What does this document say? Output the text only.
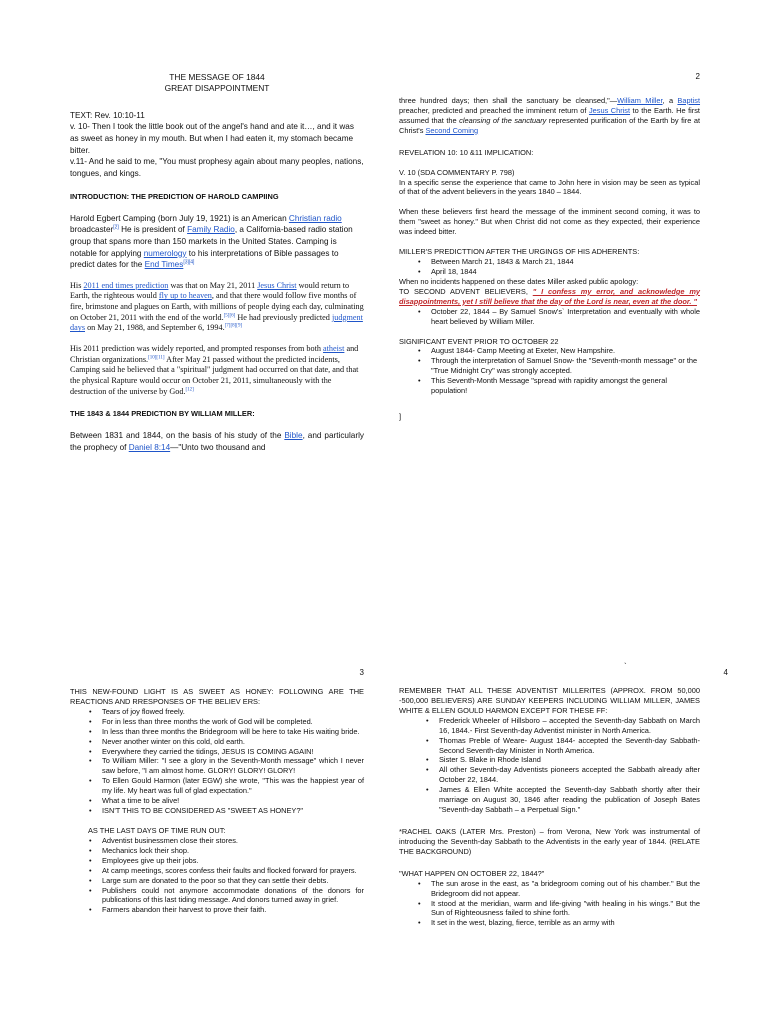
THE MESSAGE OF 1844
GREAT DISAPPOINTMENT

TEXT: Rev. 10:10-11

v. 10- Then I took the little book out of the angel's hand and ate it…, and it was as sweet as honey in my mouth. But when I had eaten it, my stomach became bitter.

v.11- And he said to me, "You must prophesy again about many peoples, nations, tongues, and kings.

INTRODUCTION: THE PREDICTION OF HAROLD CAMPIING

Harold Egbert Camping (born July 19, 1921) is an American Christian radio broadcaster[2] He is president of Family Radio, a California-based radio station group that spans more than 150 markets in the United States. Camping is notable for applying numerology to his interpretations of Bible passages to predict dates for the End Times[3][4]

His 2011 end times prediction was that on May 21, 2011 Jesus Christ would return to Earth, the righteous would fly up to heaven, and that there would follow five months of fire, brimstone and plagues on Earth, with millions of people dying each day, culminating on October 21, 2011 with the end of the world.[5][6] He had previously predicted judgment days on May 21, 1988, and September 6, 1994.[7][8][9]

His 2011 prediction was widely reported, and prompted responses from both atheist and Christian organizations.[10][11] After May 21 passed without the predicted incidents, Camping said he believed that a "spiritual" judgment had occurred on that date, and that the physical Rapture would occur on October 21, 2011, simultaneously with the destruction of the universe by God.[12]

THE 1843 & 1844 PREDICTION BY WILLIAM MILLER:

Between 1831 and 1844, on the basis of his study of the Bible, and particularly the prophecy of Daniel 8:14—"Unto two thousand and

2

three hundred days; then shall the sanctuary be cleansed,"—William Miller, a Baptist preacher, predicted and preached the imminent return of Jesus Christ to the Earth. He first assumed that the cleansing of the sanctuary represented purification of the Earth by fire at Christ's Second Coming

REVELATION 10: 10 &11 IMPLICATION:

V. 10 (SDA COMMENTARY P. 798)

In a specific sense the experience that came to John here in vision may be seen as typical of that of the advent believers in the years 1840 – 1844.

When these believers first heard the message of the imminent second coming, it was to them "sweet as honey." But when Christ did not come as they expected, their experience was indeed bitter.

MILLER'S PREDICTTION AFTER THE URGINGS OF HIS ADHERENTS:

• Between March 21, 1843 & March 21, 1844
• April 18, 1844

When no incidents happened on these dates Miller asked public apology:

TO SECOND ADVENT BELIEVERS, " I confess my error, and acknowledge my disappointments, yet I still believe that the day of the Lord is near, even at the door. "

• October 22, 1844 – By Samuel Snow's` Interpretation and eventually with whole heart believed by William Miller.

SIGNIFICANT EVENT PRIOR TO OCTOBER 22

• August 1844- Camp Meeting at Exeter, New Hampshire.
• Through the interpretation of Samuel Snow- the "Seventh-month message" or the "True Midnight Cry" was strongly accepted.
• This Seventh-Month Message "spread with rapidity amongst the general population!

]

3

THIS NEW-FOUND LIGHT IS AS SWEET AS HONEY: FOLLOWING ARE THE REACTIONS AND RRESPONSES OF THE BELIEV ERS:

• Tears of joy flowed freely.
• For in less than three months the work of God will be completed.
• In less than three months the Bridegroom will be here to take His waiting bride.
• Never another winter on this cold, old earth.
• Everywhere they carried the tidings, JESUS IS COMING AGAIN!
• To William Miller: "I see a glory in the Seventh-Month message" which I never saw before, "I am almost home. GLORY! GLORY! GLORY!
• To Ellen Gould Harmon (later EGW) she wrote, "This was the happiest year of my life. My heart was full of glad expectation."
• What a time to be alive!
• ISN'T THIS TO BE CONSIDERED AS "SWEET AS HONEY?"

AS THE LAST DAYS OF TIME RUN OUT:

• Adventist businessmen close their stores.
• Mechanics lock their shop.
• Employees give up their jobs.
• At camp meetings, scores confess their faults and flocked forward for prayers.
• Large sum are donated to the poor so that they can settle their debts.
• Publishers could not anymore accommodate donations of the donors for publications of this last tiding message. And donors turned away in grief.
• Farmers abandon their harvest to prove their faith.
`
4

REMEMBER THAT ALL THESE ADVENTIST MILLERITES (APPROX. FROM 50,000 -500,000 BELIEVERS) ARE SUNDAY KEEPERS INCLUDING WILLIAM MILLER, JAMES WHITE & ELLEN GOULD HARMON EXCEPT FOR THESE FF:

• Frederick Wheeler of Hillsboro – accepted the Seventh-day Sabbath on March 16, 1844.- First Seventh-day Adventist minister in North America.
• Thomas Preble of Weare- August 1844- accepted the Seventh-day Sabbath- Second Seventh-day Minister in North America.
• Sister S. Blake in Rhode Island
• All other Seventh-day Adventists pioneers accepted the Sabbath already after October 22, 1844.
• James & Ellen White accepted the Seventh-day Sabbath shortly after their marriage on August 30, 1846 after reading the publication of Joseph Bates "Seventh-day Sabbath – a Perpetual Sign."

*RACHEL OAKS (LATER Mrs. Preston) – from Verona, New York was instrumental of introducing the Seventh-day Sabbath to the Adventists in the early year of 1844. (RELATE THE BACKGROUND)

"WHAT HAPPEN ON OCTOBER 22, 1844?"

• The sun arose in the east, as "a bridegroom coming out of his chamber." But the Bridegroom did not appear.
• It stood at the meridian, warm and life-giving "with healing in his wings." But the Sun of Righteousness failed to shine forth.
• It set in the west, blazing, fierce, terrible as an army with
